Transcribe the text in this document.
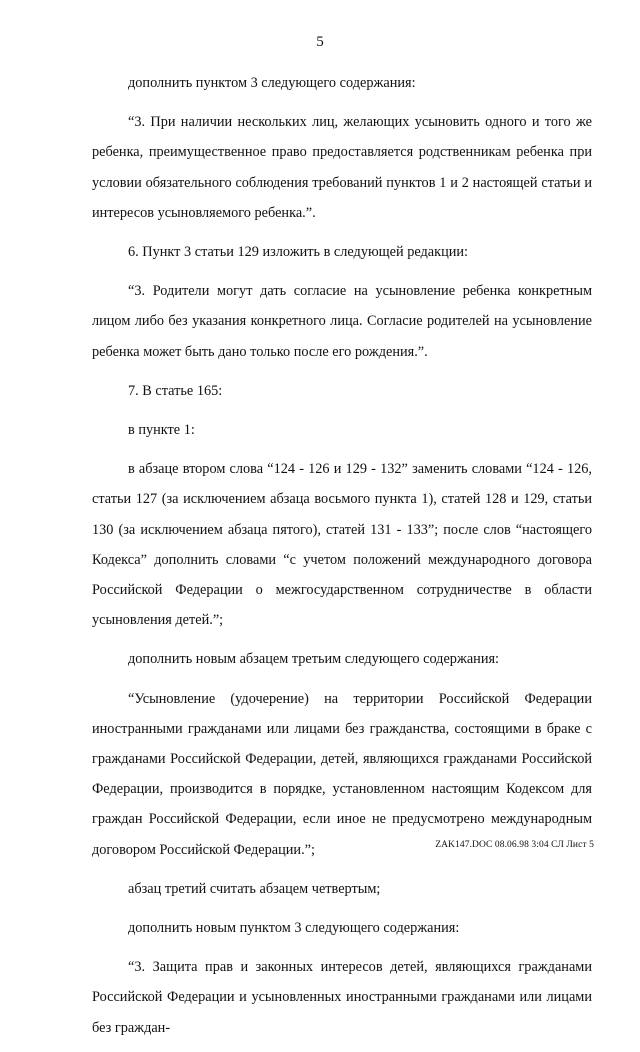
5

дополнить пунктом 3 следующего содержания:

“3. При наличии нескольких лиц, желающих усыновить одного и того же ребенка, преимущественное право предоставляется родственникам ребенка при условии обязательного соблюдения требований пунктов 1 и 2 настоящей статьи и интересов усыновляемого ребенка.”.

6. Пункт 3 статьи 129 изложить в следующей редакции:

“3. Родители могут дать согласие на усыновление ребенка конкретным лицом либо без указания конкретного лица. Согласие родителей на усыновление ребенка может быть дано только после его рождения.”.

7. В статье 165:

в пункте 1:

в абзаце втором слова “124 - 126 и 129 - 132” заменить словами “124 - 126, статьи 127 (за исключением абзаца восьмого пункта 1), статей 128 и 129, статьи 130 (за исключением абзаца пятого), статей 131 - 133”; после слов “настоящего Кодекса” дополнить словами “с учетом положений международного договора Российской Федерации о межгосударственном сотрудничестве в области усыновления детей.”;

дополнить новым абзацем третьим следующего содержания:

“Усыновление (удочерение) на территории Российской Федерации иностранными гражданами или лицами без гражданства, состоящими в браке с гражданами Российской Федерации, детей, являющихся гражданами Российской Федерации, производится в порядке, установленном настоящим Кодексом для граждан Российской Федерации, если иное не предусмотрено международным договором Российской Федерации.”;

абзац третий считать абзацем четвертым;

дополнить новым пунктом 3 следующего содержания:

“3. Защита прав и законных интересов детей, являющихся гражданами Российской Федерации и усыновленных иностранными гражданами или лицами без граждан-

ZAK147.DOC 08.06.98 3:04 СЛ Лист 5
